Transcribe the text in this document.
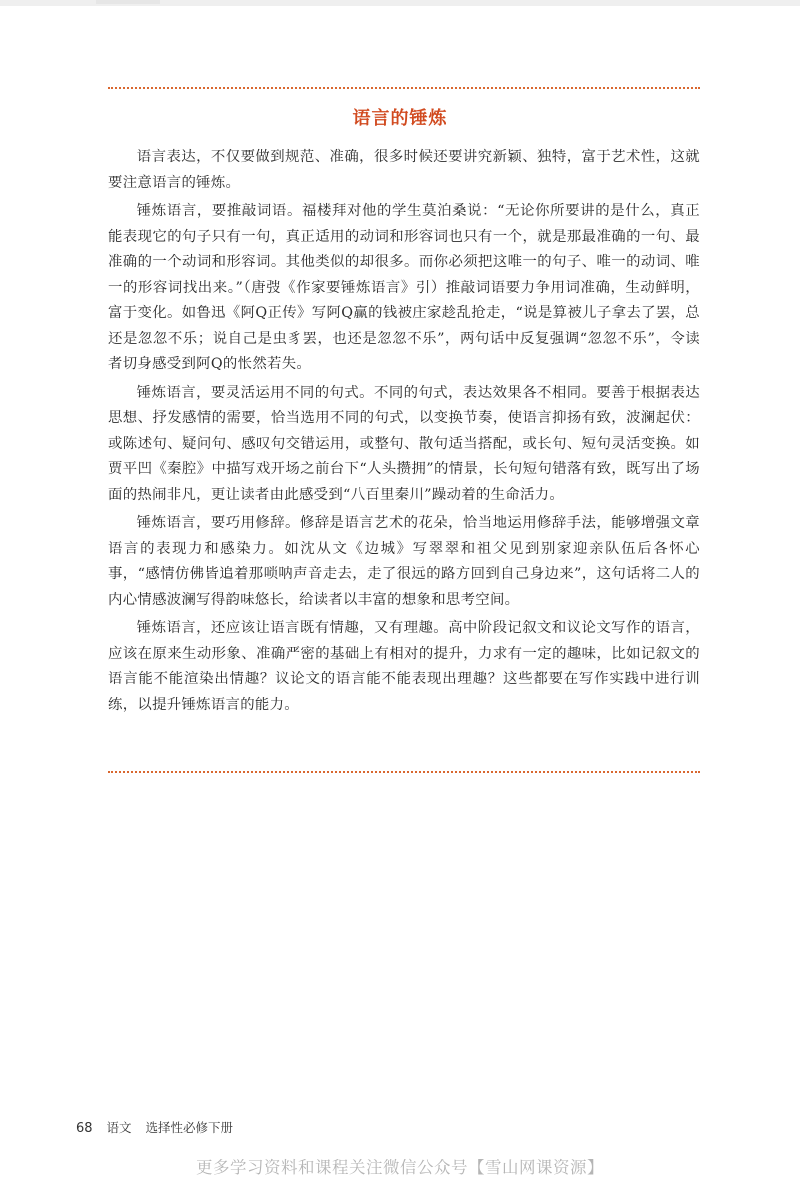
语言的锤炼

语言表达，不仅要做到规范、准确，很多时候还要讲究新颖、独特，富于艺术性，这就要注意语言的锤炼。

锤炼语言，要推敲词语。福楼拜对他的学生莫泊桑说：“无论你所要讲的是什么，真正能表现它的句子只有一句，真正适用的动词和形容词也只有一个，就是那最准确的一句、最准确的一个动词和形容词。其他类似的却很多。而你必须把这唯一的句子、唯一的动词、唯一的形容词找出来。”（唐弢《作家要锤炼语言》引）推敲词语要力争用词准确，生动鲜明，富于变化。如鲁迅《阿Q正传》写阿Q赢的钱被庄家趁乱抢走，“说是算被儿子拿去了罢，总还是忽忽不乐；说自己是虫豸罢，也还是忽忽不乐”，两句话中反复强调“忽忽不乐”，令读者切身感受到阿Q的怅然若失。

锤炼语言，要灵活运用不同的句式。不同的句式，表达效果各不相同。要善于根据表达思想、抒发感情的需要，恰当选用不同的句式，以变换节奏，使语言抑扬有致，波澜起伏：或陈述句、疑问句、感叹句交错运用，或整句、散句适当搭配，或长句、短句灵活变换。如贾平凹《秦腔》中描写戏开场之前台下“人头攒拥”的情景，长句短句错落有致，既写出了场面的热闹非凡，更让读者由此感受到“八百里秦川”躁动着的生命活力。

锤炼语言，要巧用修辞。修辞是语言艺术的花朵，恰当地运用修辞手法，能够增强文章语言的表现力和感染力。如沈从文《边城》写翠翠和祖父见到别家迎亲队伍后各怀心事，“感情仿佛皆追着那唢呐声音走去，走了很远的路方回到自己身边来”，这句话将二人的内心情感波澜写得韵味悠长，给读者以丰富的想象和思考空间。

锤炼语言，还应该让语言既有情趣，又有理趣。高中阶段记叙文和议论文写作的语言，应该在原来生动形象、准确严密的基础上有相对的提升，力求有一定的趣味，比如记叙文的语言能不能渲染出情趣？议论文的语言能不能表现出理趣？这些都要在写作实践中进行训练，以提升锤炼语言的能力。

68 语文 选择性必修下册
更多学习资料和课程关注微信公众号【雪山网课资源】
